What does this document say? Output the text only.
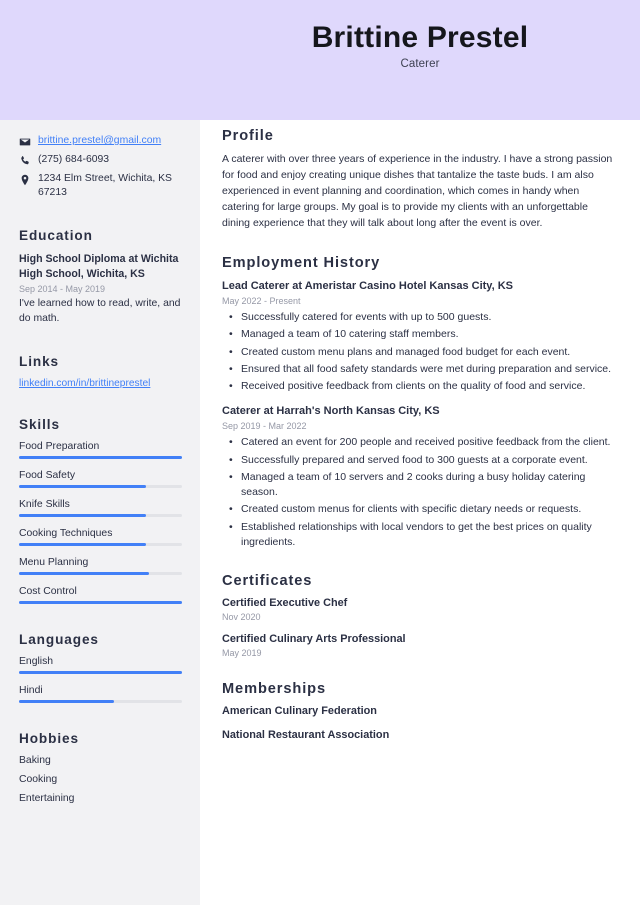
Brittine Prestel
Caterer
brittine.prestel@gmail.com
(275) 684-6093
1234 Elm Street, Wichita, KS 67213
Education
High School Diploma at Wichita High School, Wichita, KS
Sep 2014 - May 2019
I've learned how to read, write, and do math.
Links
linkedin.com/in/brittineprestel
Skills
Food Preparation
Food Safety
Knife Skills
Cooking Techniques
Menu Planning
Cost Control
Languages
English
Hindi
Hobbies
Baking
Cooking
Entertaining
Profile
A caterer with over three years of experience in the industry. I have a strong passion for food and enjoy creating unique dishes that tantalize the taste buds. I am also experienced in event planning and coordination, which comes in handy when catering for large groups. My goal is to provide my clients with an unforgettable dining experience that they will talk about long after the event is over.
Employment History
Lead Caterer at Ameristar Casino Hotel Kansas City, KS
May 2022 - Present
• Successfully catered for events with up to 500 guests.
• Managed a team of 10 catering staff members.
• Created custom menu plans and managed food budget for each event.
• Ensured that all food safety standards were met during preparation and service.
• Received positive feedback from clients on the quality of food and service.
Caterer at Harrah's North Kansas City, KS
Sep 2019 - Mar 2022
• Catered an event for 200 people and received positive feedback from the client.
• Successfully prepared and served food to 300 guests at a corporate event.
• Managed a team of 10 servers and 2 cooks during a busy holiday catering season.
• Created custom menus for clients with specific dietary needs or requests.
• Established relationships with local vendors to get the best prices on quality ingredients.
Certificates
Certified Executive Chef
Nov 2020
Certified Culinary Arts Professional
May 2019
Memberships
American Culinary Federation
National Restaurant Association
